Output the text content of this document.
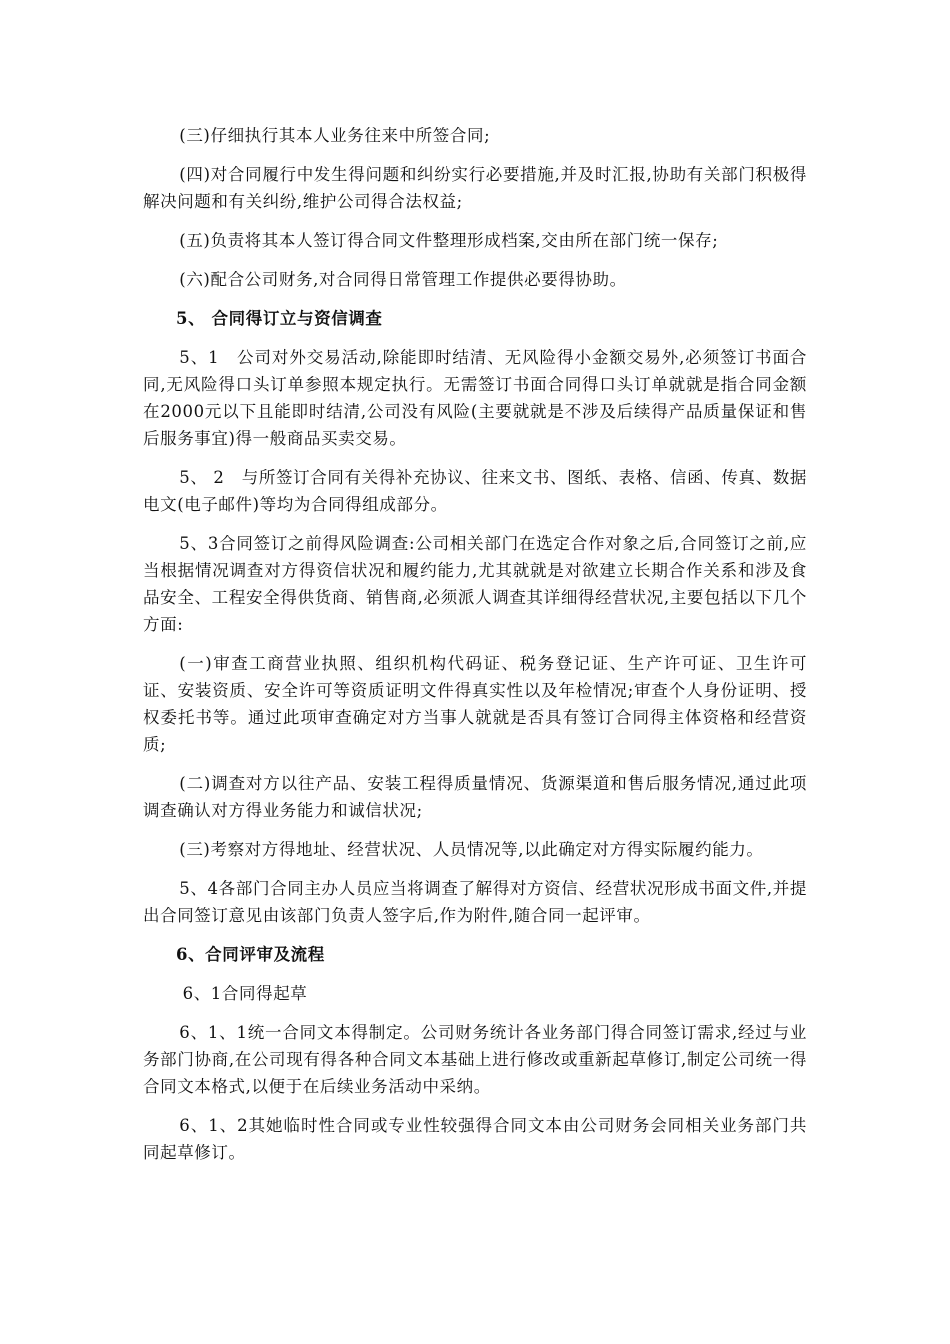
(三)仔细执行其本人业务往来中所签合同;

(四)对合同履行中发生得问题和纠纷实行必要措施,并及时汇报,协助有关部门积极得解决问题和有关纠纷,维护公司得合法权益;

(五)负责将其本人签订得合同文件整理形成档案,交由所在部门统一保存;

(六)配合公司财务,对合同得日常管理工作提供必要得协助。

5、 合同得订立与资信调查

5、1　公司对外交易活动,除能即时结清、无风险得小金额交易外,必须签订书面合同,无风险得口头订单参照本规定执行。无需签订书面合同得口头订单就就是指合同金额在2000元以下且能即时结清,公司没有风险(主要就就是不涉及后续得产品质量保证和售后服务事宜)得一般商品买卖交易。

5、 2　与所签订合同有关得补充协议、往来文书、图纸、表格、信函、传真、数据电文(电子邮件)等均为合同得组成部分。

5、3合同签订之前得风险调查:公司相关部门在选定合作对象之后,合同签订之前,应当根据情况调查对方得资信状况和履约能力,尤其就就是对欲建立长期合作关系和涉及食品安全、工程安全得供货商、销售商,必须派人调查其详细得经营状况,主要包括以下几个方面:

(一)审查工商营业执照、组织机构代码证、税务登记证、生产许可证、卫生许可证、安装资质、安全许可等资质证明文件得真实性以及年检情况;审查个人身份证明、授权委托书等。通过此项审查确定对方当事人就就是否具有签订合同得主体资格和经营资质;

(二)调查对方以往产品、安装工程得质量情况、货源渠道和售后服务情况,通过此项调查确认对方得业务能力和诚信状况;

(三)考察对方得地址、经营状况、人员情况等,以此确定对方得实际履约能力。

5、4各部门合同主办人员应当将调查了解得对方资信、经营状况形成书面文件,并提出合同签订意见由该部门负责人签字后,作为附件,随合同一起评审。

6、合同评审及流程

6、1合同得起草

6、1、1统一合同文本得制定。公司财务统计各业务部门得合同签订需求,经过与业务部门协商,在公司现有得各种合同文本基础上进行修改或重新起草修订,制定公司统一得合同文本格式,以便于在后续业务活动中采纳。

6、1、2其她临时性合同或专业性较强得合同文本由公司财务会同相关业务部门共同起草修订。
